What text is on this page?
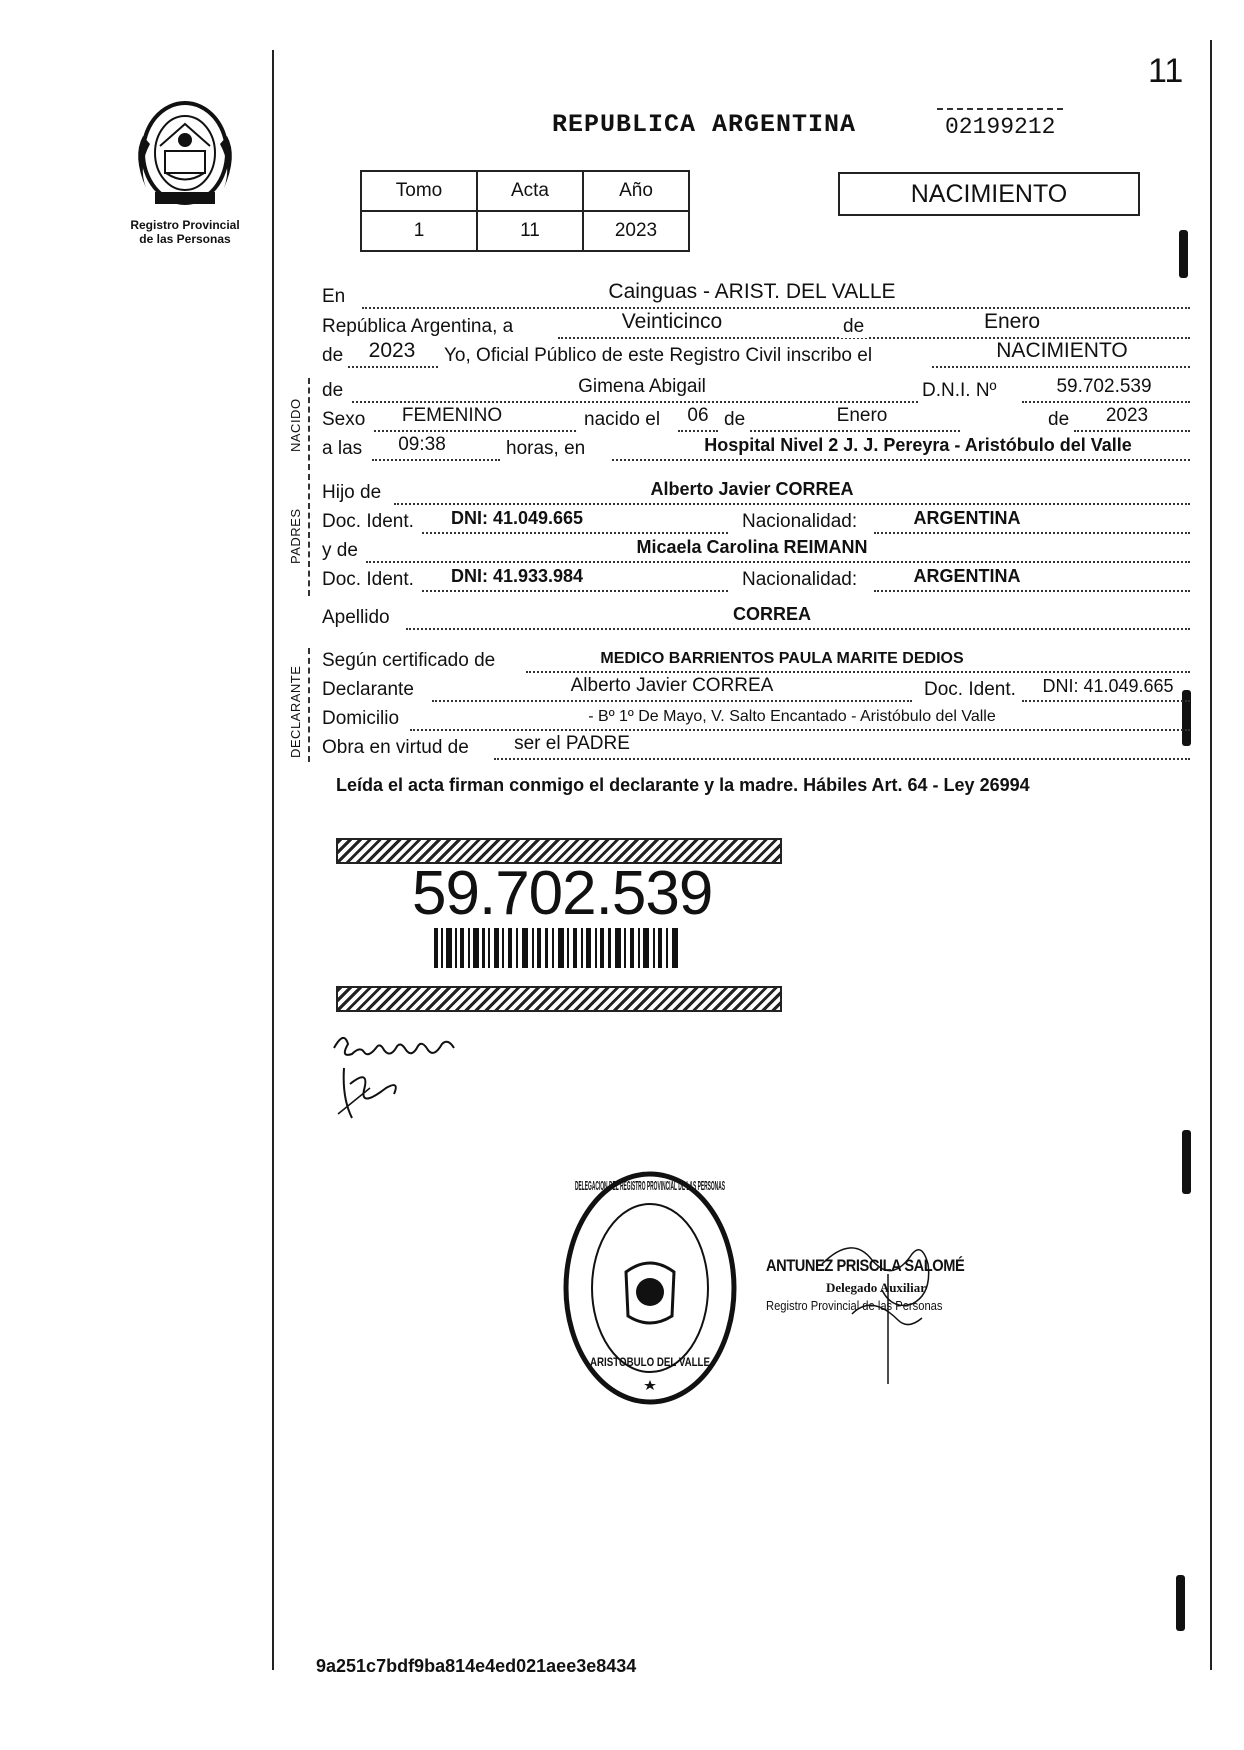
Registro Provincial
de las Personas
REPUBLICA ARGENTINA	02199212
11
Tomo	Acta	Año
1	11	2023
NACIMIENTO
En	Cainguas - ARIST. DEL VALLE
República Argentina, a	Veinticinco	de	Enero
de	2023	Yo, Oficial Público de este Registro Civil inscribo el	NACIMIENTO
NACIDO
de	Gimena Abigail	D.N.I. Nº	59.702.539
Sexo	FEMENINO	nacido el	06 de	Enero	de	2023
a las	09:38	horas, en	Hospital Nivel 2 J. J. Pereyra - Aristóbulo del Valle
PADRES
Hijo de	Alberto Javier CORREA
Doc. Ident.	DNI: 41.049.665	Nacionalidad:	ARGENTINA
y de	Micaela Carolina REIMANN
Doc. Ident.	DNI: 41.933.984	Nacionalidad:	ARGENTINA
Apellido	CORREA
DECLARANTE
Según certificado de	MEDICO BARRIENTOS PAULA MARITE DEDIOS
Declarante	Alberto Javier CORREA	Doc. Ident.	DNI: 41.049.665
Domicilio	- Bº 1º De Mayo, V. Salto Encantado - Aristóbulo del Valle
Obra en virtud de	ser el PADRE
Leída el acta firman conmigo el declarante y la madre. Hábiles Art. 64 - Ley 26994
59.702.539
DELEGACION DEL REGISTRO PROVINCIAL DE LAS PERSONAS
ARISTOBULO DEL VALLE
ANTUNEZ PRISCILA SALOMÉ
Delegado Auxiliar
Registro Provincial de las Personas
9a251c7bdf9ba814e4ed021aee3e8434
